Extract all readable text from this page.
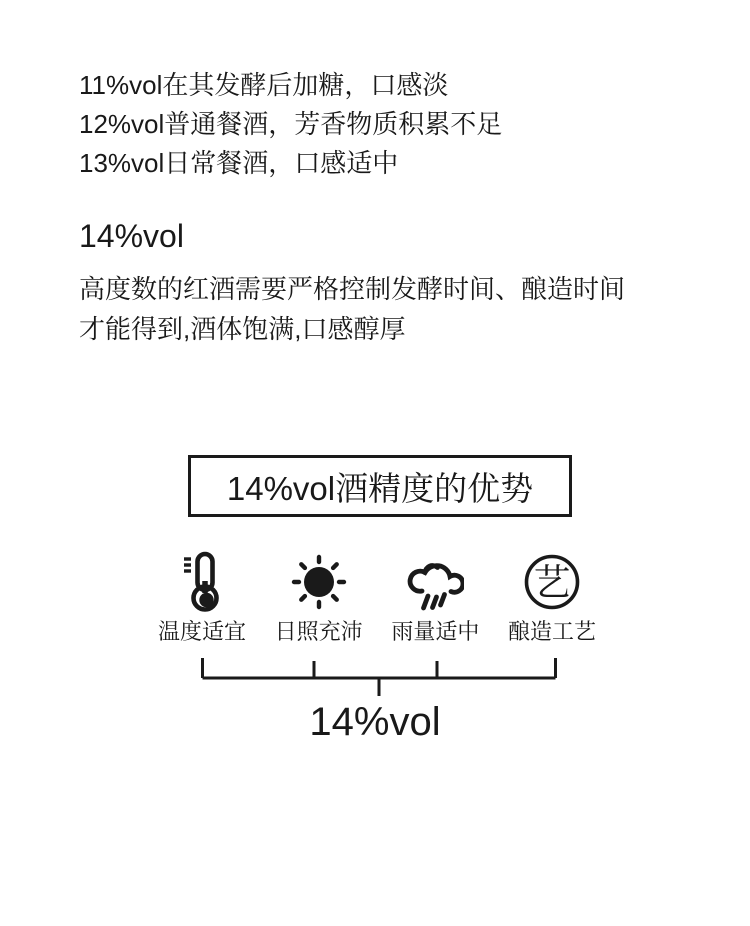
11%vol在其发酵后加糖，口感淡
12%vol普通餐酒，芳香物质积累不足
13%vol日常餐酒，口感适中
14%vol
高度数的红酒需要严格控制发酵时间、酿造时间
才能得到,酒体饱满,口感醇厚
14%vol酒精度的优势
温度适宜 日照充沛 雨量适中
艺
酿造工艺
14%vol
